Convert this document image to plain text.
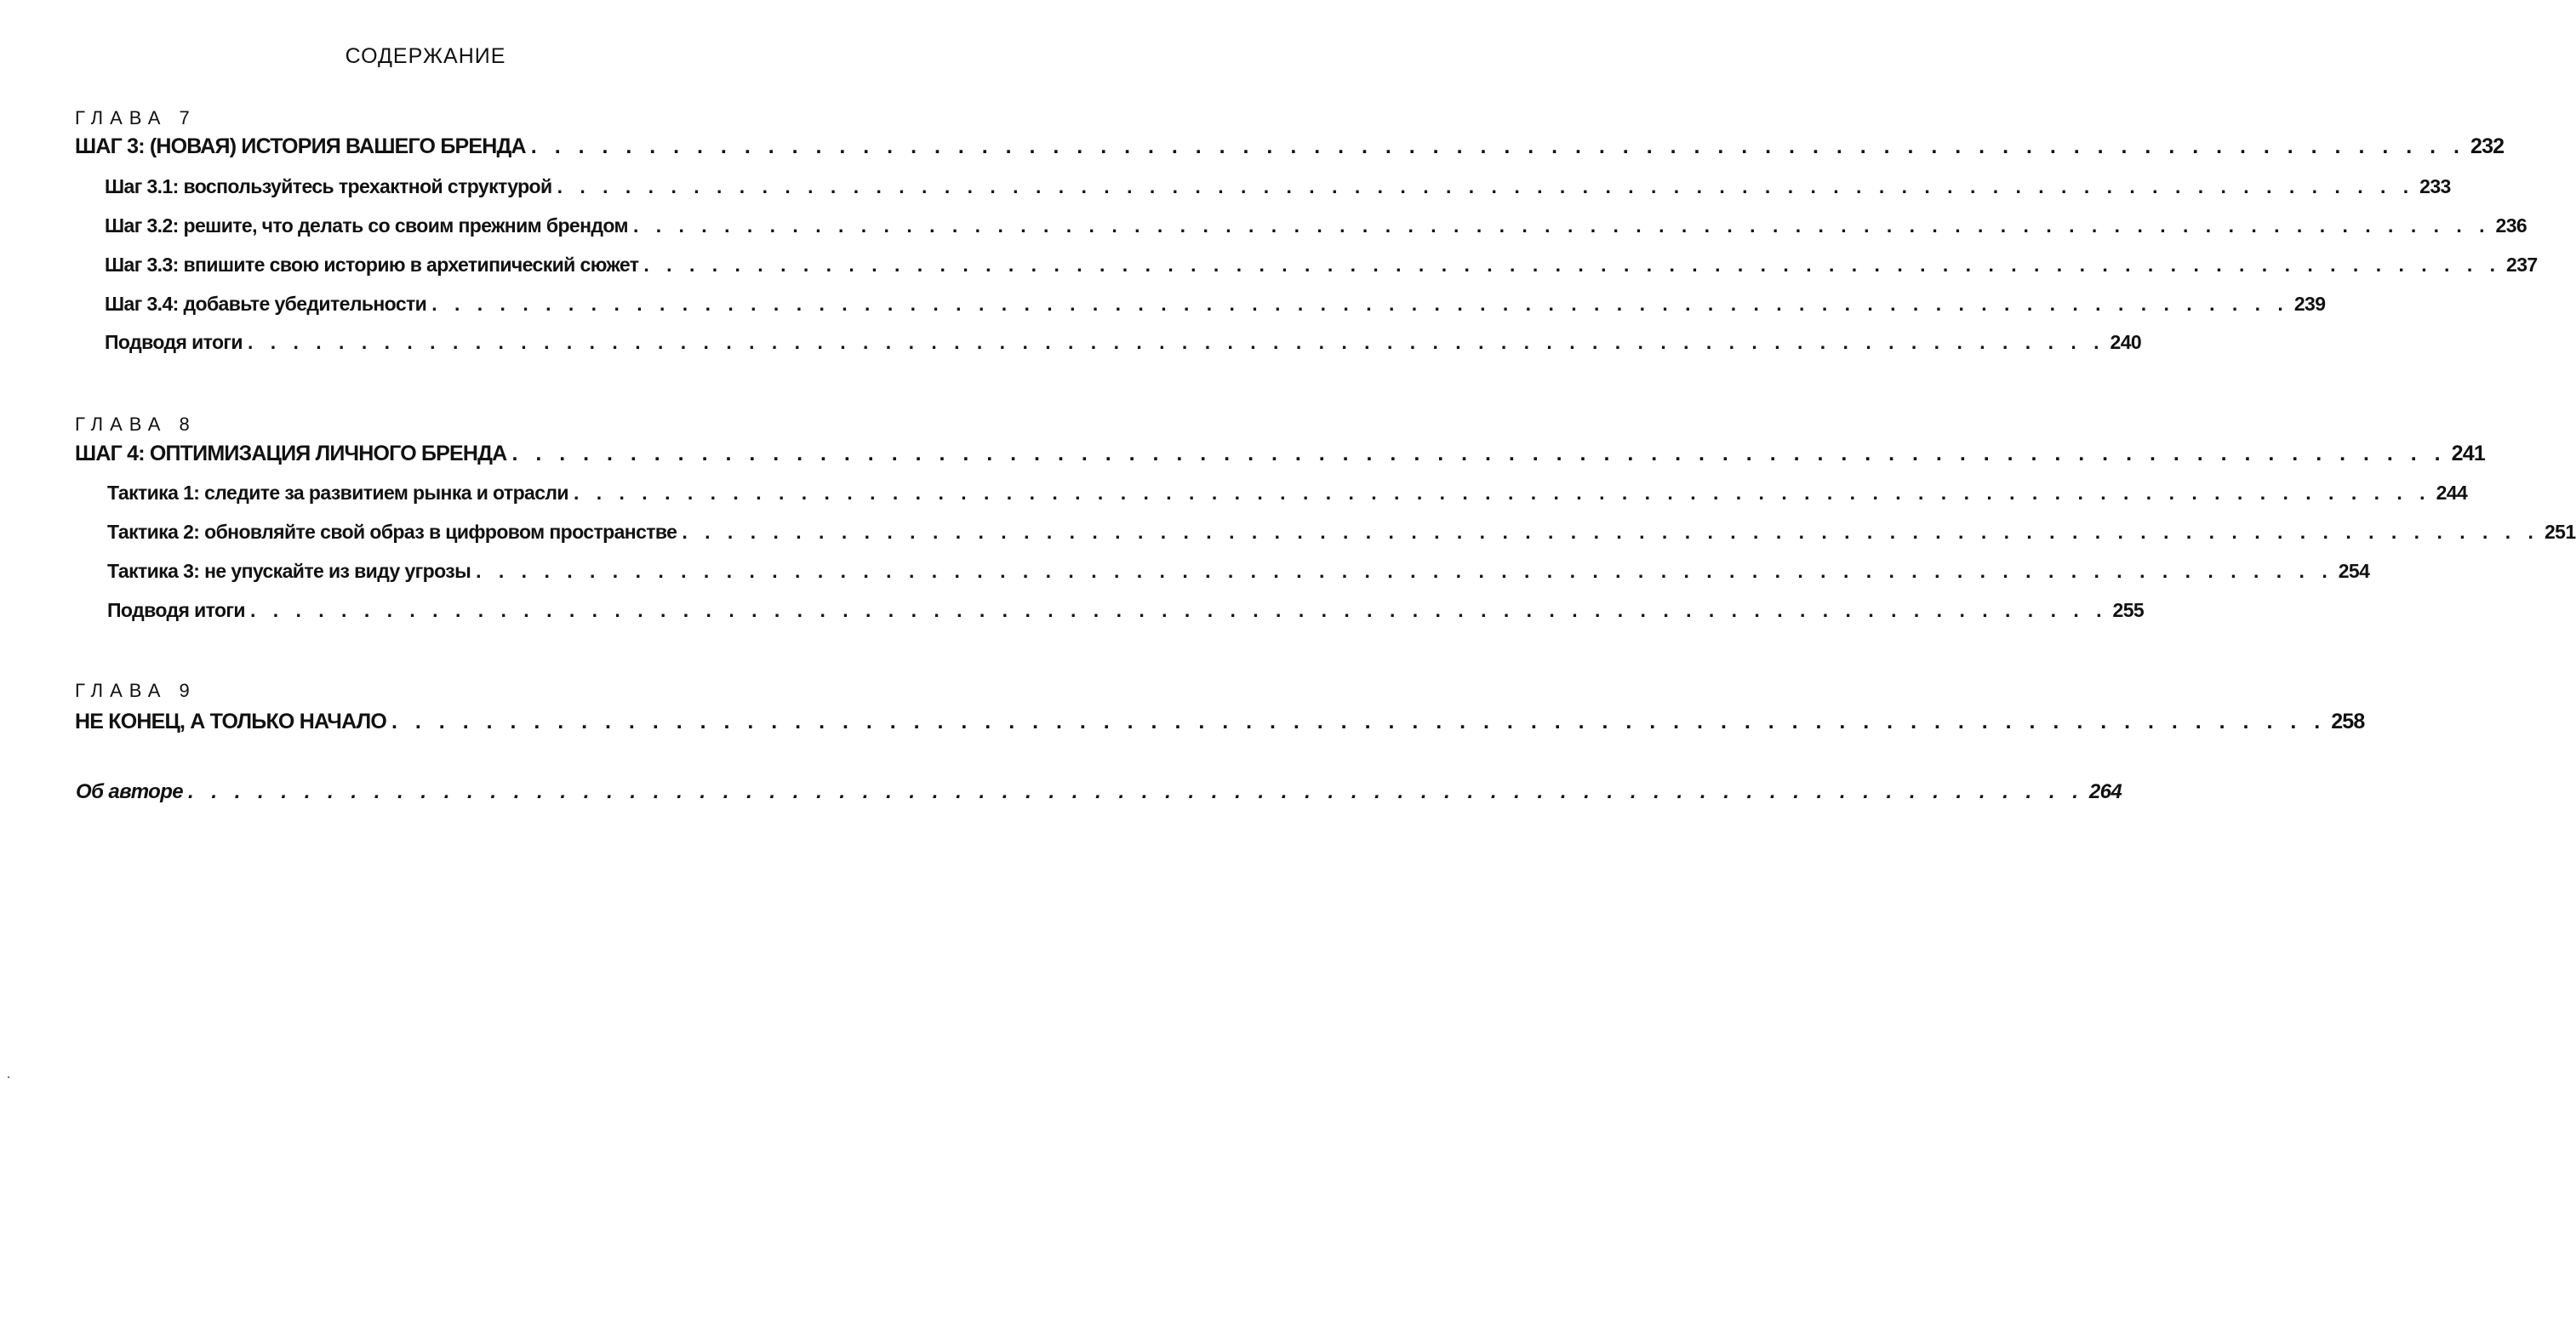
СОДЕРЖАНИЕ
ГЛАВА 7
ШАГ 3: (НОВАЯ) ИСТОРИЯ ВАШЕГО БРЕНДА . . . . . . . . . . . . . . . . . . . . . . . . . . . . . . . . . . . . . . . . . . . . . . . . . . . . . . . . . . . . . . . . . . . . . . . . . . . . . . . . . . 232
Шаг 3.1: воспользуйтесь трехактной структурой . . . . . . . . . . . . . . . . . . . . . . . . . . . . . . . . . . . . . . . . . . . . . . . . . . . . . . . . . . . . . . . . . . . . . . . . . . . . . . . . . . 233
Шаг 3.2: решите, что делать со своим прежним брендом . . . . . . . . . . . . . . . . . . . . . . . . . . . . . . . . . . . . . . . . . . . . . . . . . . . . . . . . . . . . . . . . . . . . . . . . . . . . . . . . . . 236
Шаг 3.3: впишите свою историю в архетипический сюжет . . . . . . . . . . . . . . . . . . . . . . . . . . . . . . . . . . . . . . . . . . . . . . . . . . . . . . . . . . . . . . . . . . . . . . . . . . . . . . . . . . 237
Шаг 3.4: добавьте убедительности . . . . . . . . . . . . . . . . . . . . . . . . . . . . . . . . . . . . . . . . . . . . . . . . . . . . . . . . . . . . . . . . . . . . . . . . . . . . . . . . . . 239
Подводя итоги . . . . . . . . . . . . . . . . . . . . . . . . . . . . . . . . . . . . . . . . . . . . . . . . . . . . . . . . . . . . . . . . . . . . . . . . . . . . . . . . . . 240
ГЛАВА 8
ШАГ 4: ОПТИМИЗАЦИЯ ЛИЧНОГО БРЕНДА . . . . . . . . . . . . . . . . . . . . . . . . . . . . . . . . . . . . . . . . . . . . . . . . . . . . . . . . . . . . . . . . . . . . . . . . . . . . . . . . . . 241
Тактика 1: следите за развитием рынка и отрасли . . . . . . . . . . . . . . . . . . . . . . . . . . . . . . . . . . . . . . . . . . . . . . . . . . . . . . . . . . . . . . . . . . . . . . . . . . . . . . . . . . 244
Тактика 2: обновляйте свой образ в цифровом пространстве . . . . . . . . . . . . . . . . . . . . . . . . . . . . . . . . . . . . . . . . . . . . . . . . . . . . . . . . . . . . . . . . . . . . . . . . . . . . . . . . . . 251
Тактика 3: не упускайте из виду угрозы . . . . . . . . . . . . . . . . . . . . . . . . . . . . . . . . . . . . . . . . . . . . . . . . . . . . . . . . . . . . . . . . . . . . . . . . . . . . . . . . . . 254
Подводя итоги . . . . . . . . . . . . . . . . . . . . . . . . . . . . . . . . . . . . . . . . . . . . . . . . . . . . . . . . . . . . . . . . . . . . . . . . . . . . . . . . . . 255
ГЛАВА 9
НЕ КОНЕЦ, А ТОЛЬКО НАЧАЛО . . . . . . . . . . . . . . . . . . . . . . . . . . . . . . . . . . . . . . . . . . . . . . . . . . . . . . . . . . . . . . . . . . . . . . . . . . . . . . . . . . 258
Об авторе . . . . . . . . . . . . . . . . . . . . . . . . . . . . . . . . . . . . . . . . . . . . . . . . . . . . . . . . . . . . . . . . . . . . . . . . . . . . . . . . . . 264
